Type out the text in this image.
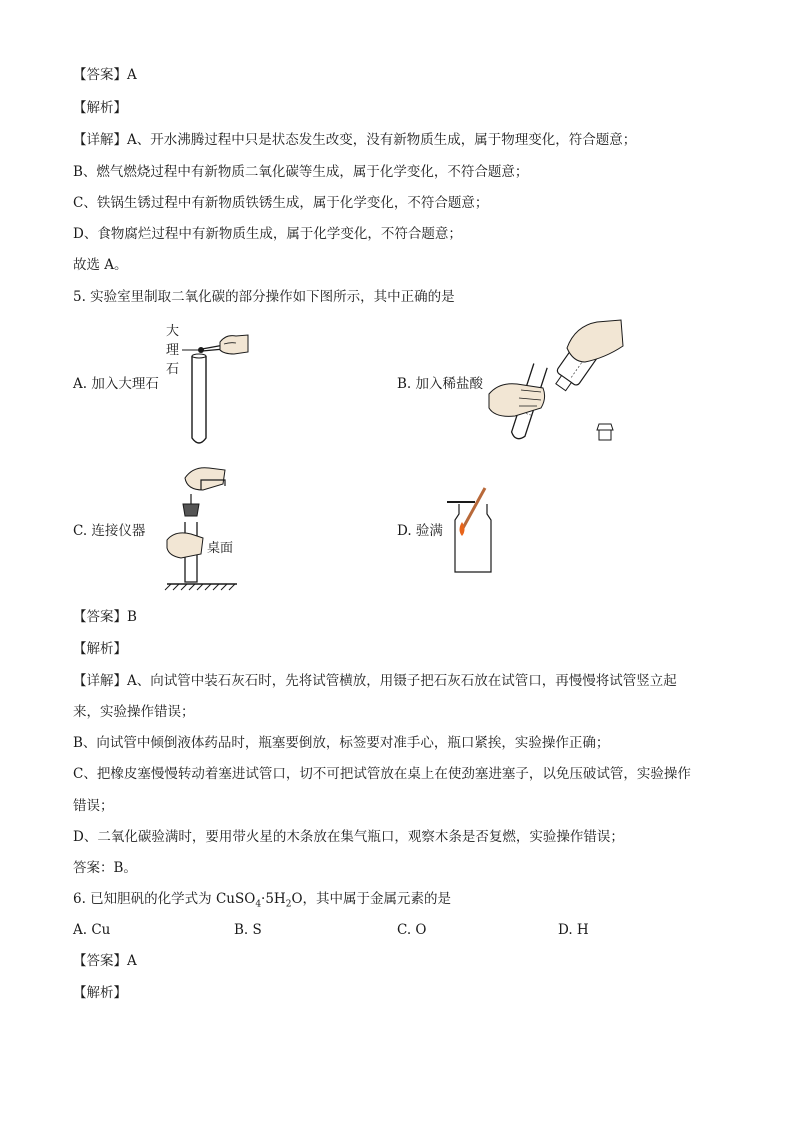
【答案】A
【解析】
【详解】A、开水沸腾过程中只是状态发生改变，没有新物质生成，属于物理变化，符合题意；
B、燃气燃烧过程中有新物质二氧化碳等生成，属于化学变化，不符合题意；
C、铁锅生锈过程中有新物质铁锈生成，属于化学变化，不符合题意；
D、食物腐烂过程中有新物质生成，属于化学变化，不符合题意；
故选 A。
5. 实验室里制取二氧化碳的部分操作如下图所示，其中正确的是
A. 加入大理石	B. 加入稀盐酸
C. 连接仪器	D. 验满
大
理
石
桌面
【答案】B
【解析】
【详解】A、向试管中装石灰石时，先将试管横放，用镊子把石灰石放在试管口，再慢慢将试管竖立起
来，实验操作错误；
B、向试管中倾倒液体药品时，瓶塞要倒放，标签要对准手心，瓶口紧挨，实验操作正确；
C、把橡皮塞慢慢转动着塞进试管口，切不可把试管放在桌上在使劲塞进塞子，以免压破试管，实验操作
错误；
D、二氧化碳验满时，要用带火星的木条放在集气瓶口，观察木条是否复燃，实验操作错误；
答案：B。
6. 已知胆矾的化学式为 $CuSO_4\cdot 5H_2O$，其中属于金属元素的是
A. Cu	B. S	C. O	D. H
【答案】A
【解析】
